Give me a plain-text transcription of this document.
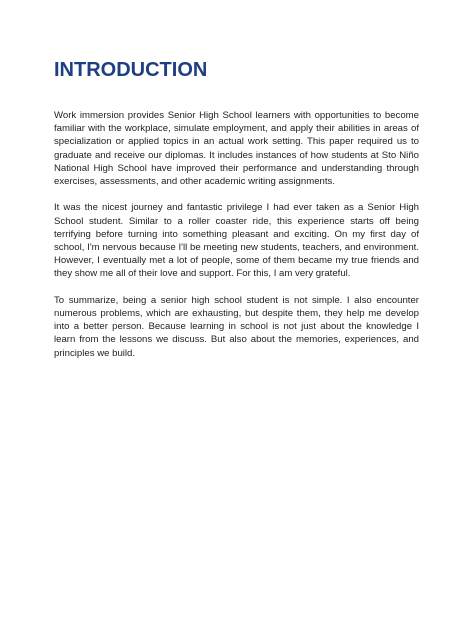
INTRODUCTION

Work immersion provides Senior High School learners with opportunities to become familiar with the workplace, simulate employment, and apply their abilities in areas of specialization or applied topics in an actual work setting. This paper required us to graduate and receive our diplomas. It includes instances of how students at Sto Niño National High School have improved their performance and understanding through exercises, assessments, and other academic writing assignments.

It was the nicest journey and fantastic privilege I had ever taken as a Senior High School student. Similar to a roller coaster ride, this experience starts off being terrifying before turning into something pleasant and exciting. On my first day of school, I'm nervous because I'll be meeting new students, teachers, and environment. However, I eventually met a lot of people, some of them became my true friends and they show me all of their love and support. For this, I am very grateful.

To summarize, being a senior high school student is not simple. I also encounter numerous problems, which are exhausting, but despite them, they help me develop into a better person. Because learning in school is not just about the knowledge I learn from the lessons we discuss. But also about the memories, experiences, and principles we build.
